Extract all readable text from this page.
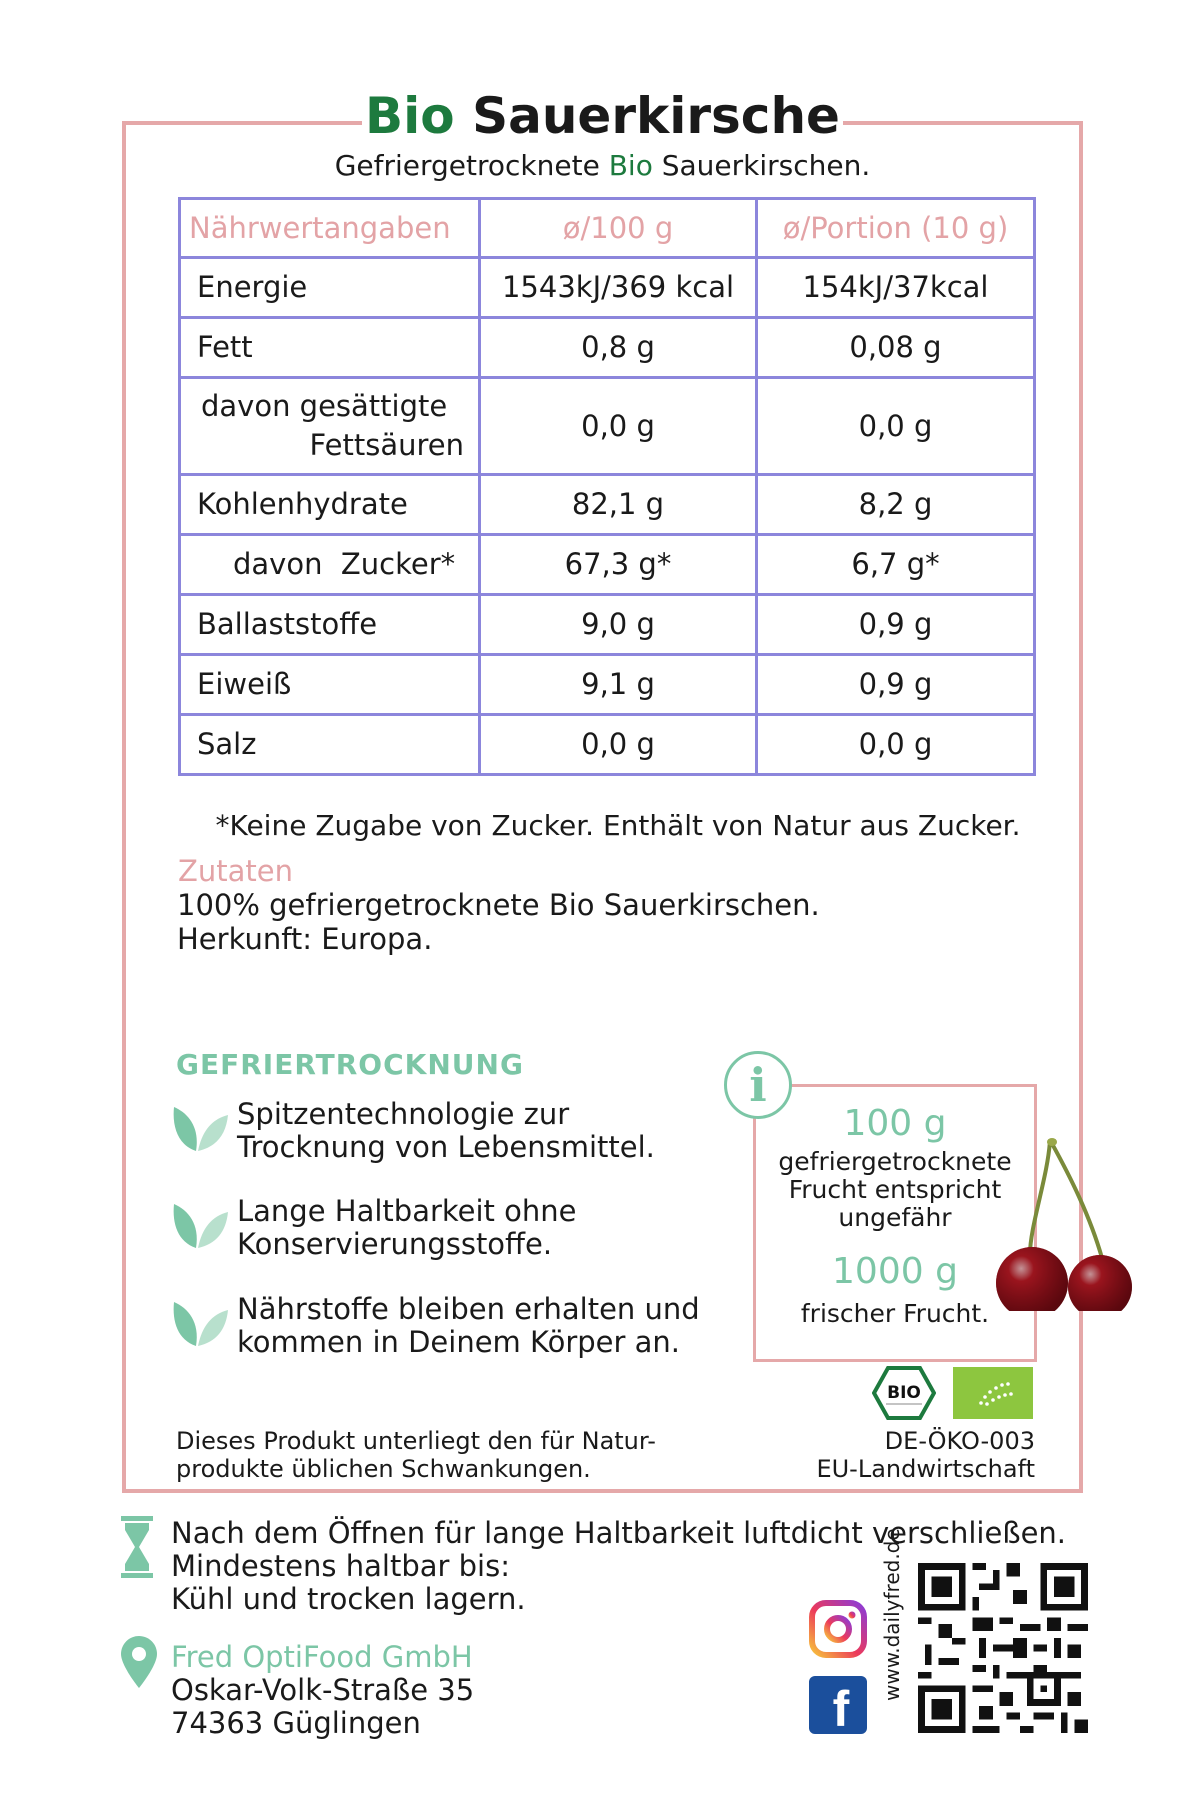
Bio Sauerkirsche
Gefriergetrocknete Bio Sauerkirschen.
Nährwertangaben	ø/100 g	ø/Portion (10 g)
Energie	1543kJ/369 kcal	154kJ/37kcal
Fett	0,8 g	0,08 g

davon gesättigte
Fettsäuren	0,0 g	0,0 g
Kohlenhydrate	82,1 g	8,2 g
davon  Zucker*	67,3 g*	6,7 g*
Ballaststoffe	9,0 g	0,9 g
Eiweiß	9,1 g	0,9 g
Salz	0,0 g	0,0 g
*Keine Zugabe von Zucker. Enthält von Natur aus Zucker.
Zutaten
100% gefriergetrocknete Bio Sauerkirschen.
Herkunft: Europa.
GEFRIERTROCKNUNG
Spitzentechnologie zur
Trocknung von Lebensmittel.
Lange Haltbarkeit ohne
Konservierungsstoffe.
Nährstoffe bleiben erhalten und
kommen in Deinem Körper an.
i
100 g
gefriergetrocknete
Frucht entspricht
ungefähr
1000 g
frischer Frucht.
BIO
DE-ÖKO-003
EU-Landwirtschaft
Dieses Produkt unterliegt den für Natur-
produkte üblichen Schwankungen.
Nach dem Öffnen für lange Haltbarkeit luftdicht verschließen.
Mindestens haltbar bis:
Kühl und trocken lagern.
Fred OptiFood GmbH
Oskar-Volk-Straße 35
74363 Güglingen	f
www.dailyfred.de
